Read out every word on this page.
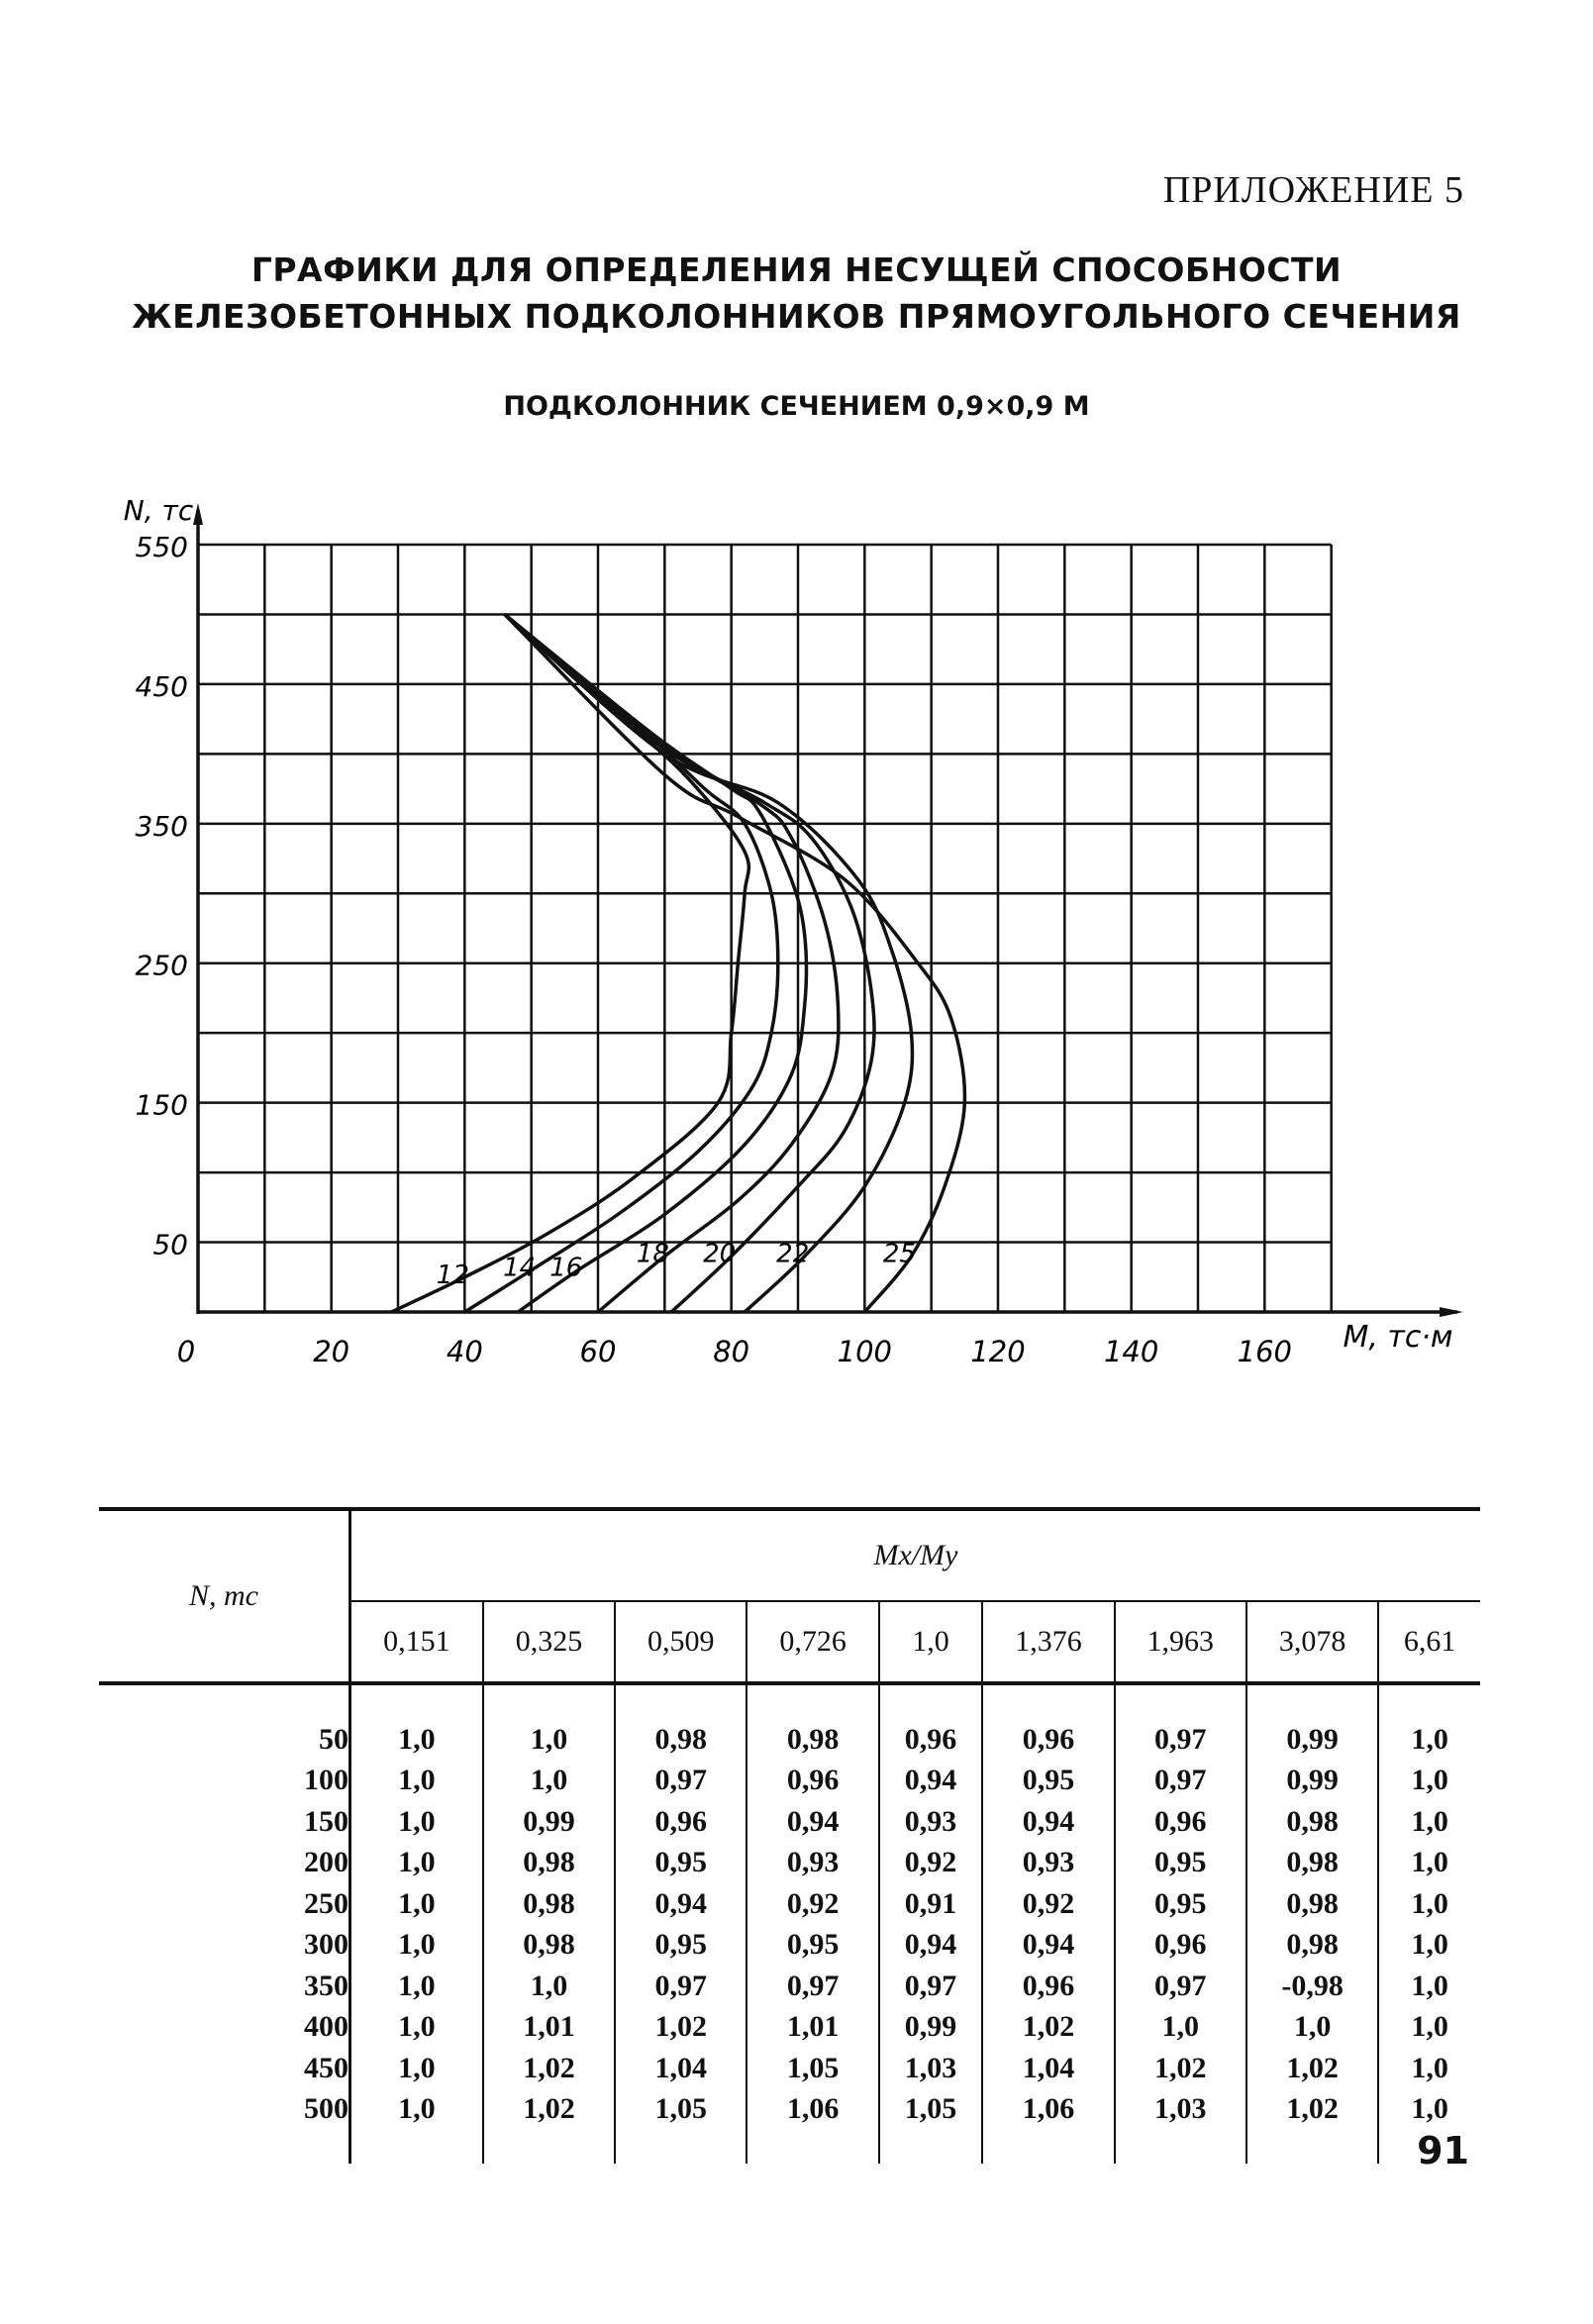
ПРИЛОЖЕНИЕ 5
ГРАФИКИ ДЛЯ ОПРЕДЕЛЕНИЯ НЕСУЩЕЙ СПОСОБНОСТИ
ЖЕЛЕЗОБЕТОННЫХ ПОДКОЛОННИКОВ ПРЯМОУГОЛЬНОГО СЕЧЕНИЯ
ПОДКОЛОННИК СЕЧЕНИЕМ 0,9×0,9 М
0	20	40	60	80	100	120	140	160
550
450
350
250
150
50
12 14 16 18 20 22	25
N, тс
M, тс·м
N, тс	Mx/My								
	0,151	0,325	0,509	0,726	1,0	1,376	1,963	3,078	6,61

50	1,0	1,0	0,98	0,98	0,96	0,96	0,97	0,99	1,0
100	1,0	1,0	0,97	0,96	0,94	0,95	0,97	0,99	1,0
150	1,0	0,99	0,96	0,94	0,93	0,94	0,96	0,98	1,0
200	1,0	0,98	0,95	0,93	0,92	0,93	0,95	0,98	1,0
250	1,0	0,98	0,94	0,92	0,91	0,92	0,95	0,98	1,0
300	1,0	0,98	0,95	0,95	0,94	0,94	0,96	0,98	1,0
350	1,0	1,0	0,97	0,97	0,97	0,96	0,97	-0,98	1,0
400	1,0	1,01	1,02	1,01	0,99	1,02	1,0	1,0	1,0
450	1,0	1,02	1,04	1,05	1,03	1,04	1,02	1,02	1,0
500	1,0	1,02	1,05	1,06	1,05	1,06	1,03	1,02	1,0

91
